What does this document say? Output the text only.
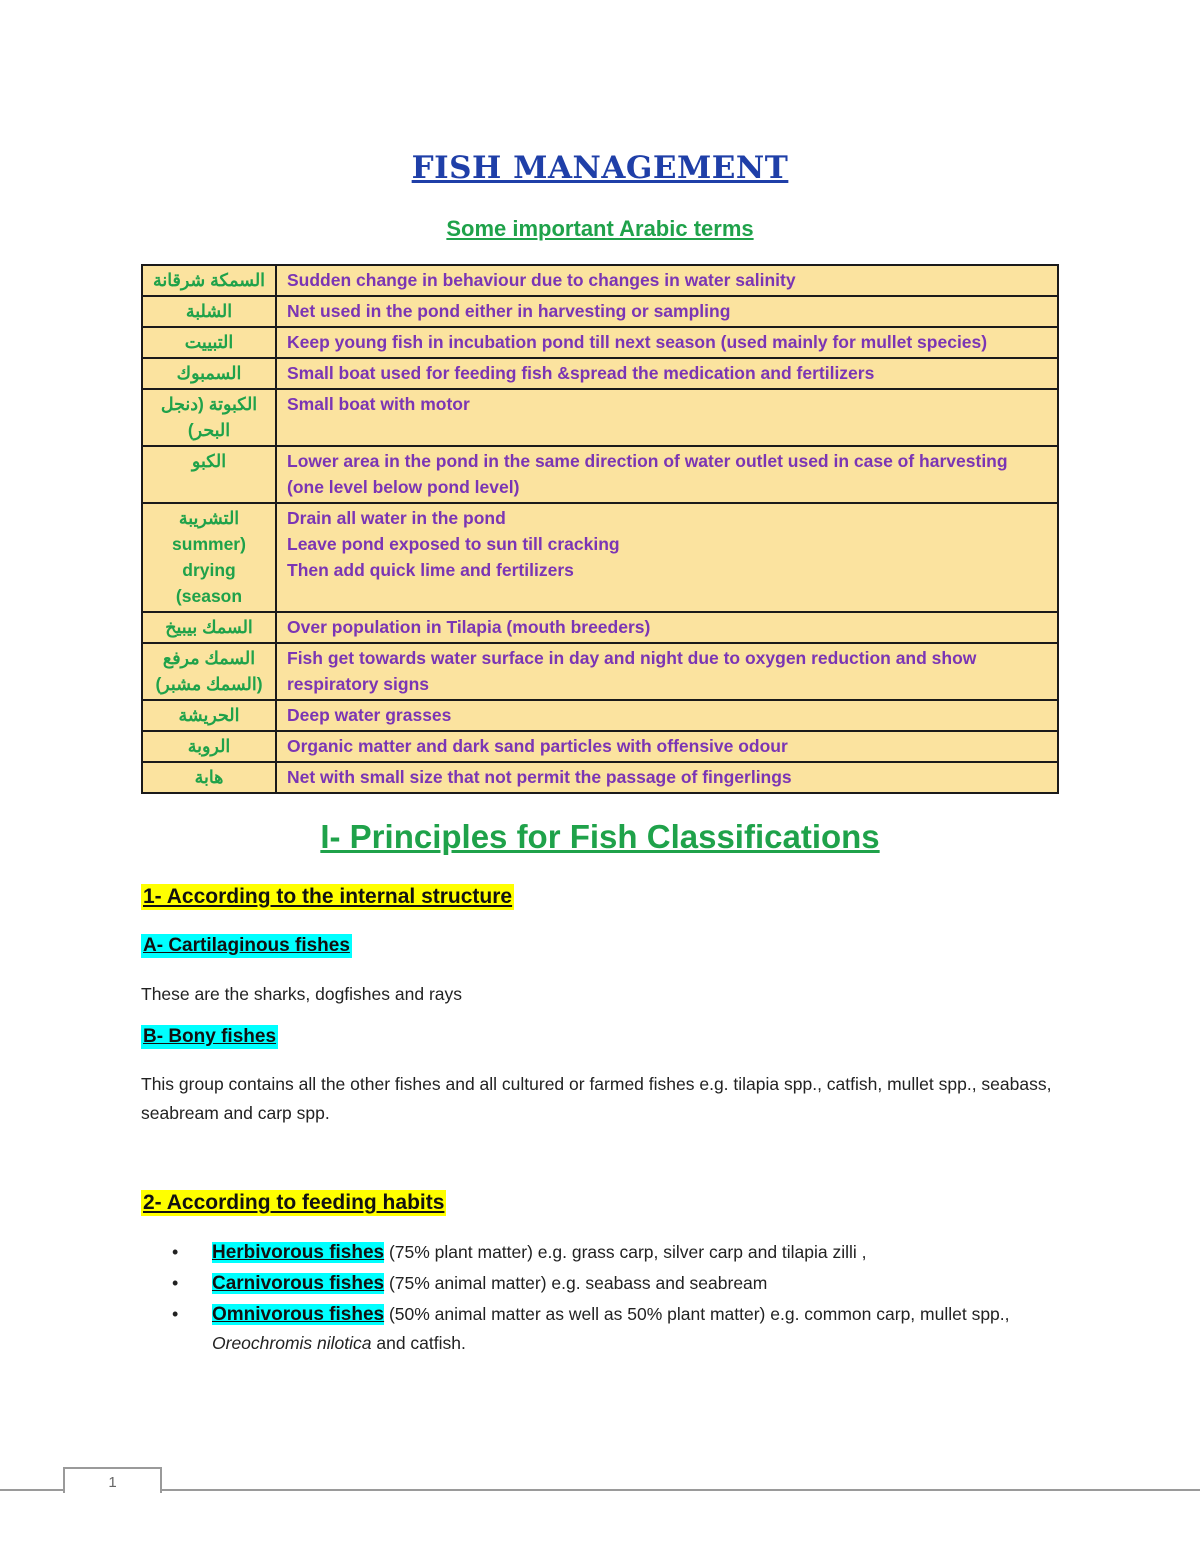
FISH MANAGEMENT
Some important Arabic terms
السمكة شرقانة	Sudden change in behaviour due to changes in water salinity

الشلبة	Net used in the pond either in harvesting or sampling

التبييت	Keep young fish in incubation pond till next season (used mainly for mullet species)

السمبوك	Small boat used for feeding fish &spread the medication and fertilizers

الكبوتة (دنجل البحر)	Small boat with motor

الكبو	Lower area in the pond in the same direction of water outlet used in case of harvesting (one level below pond level)

التشريبة (summer drying season)	Drain all water in the pond
Leave pond exposed to sun till cracking
Then add quick lime and fertilizers

السمك بيبيخ	Over population in Tilapia (mouth breeders)

السمك مرفع (السمك مشبر)	Fish get towards water surface in day and night due to oxygen reduction and show respiratory signs

الحريشة	Deep water grasses

الروبة	Organic matter and dark sand particles with offensive odour

هابة	Net with small size that not permit the passage of fingerlings
I- Principles for Fish Classifications
1- According to the internal structure
A- Cartilaginous fishes
These are the sharks, dogfishes and rays
B- Bony fishes
This group contains all the other fishes and all cultured or farmed fishes e.g. tilapia spp., catfish, mullet spp., seabass, seabream and carp spp.
2- According to feeding habits
• Herbivorous fishes (75% plant matter) e.g. grass carp, silver carp and tilapia zilli ,
• Carnivorous fishes (75% animal matter) e.g. seabass and seabream
• Omnivorous fishes (50% animal matter as well as 50% plant matter) e.g. common carp, mullet spp., Oreochromis nilotica and catfish.
1
